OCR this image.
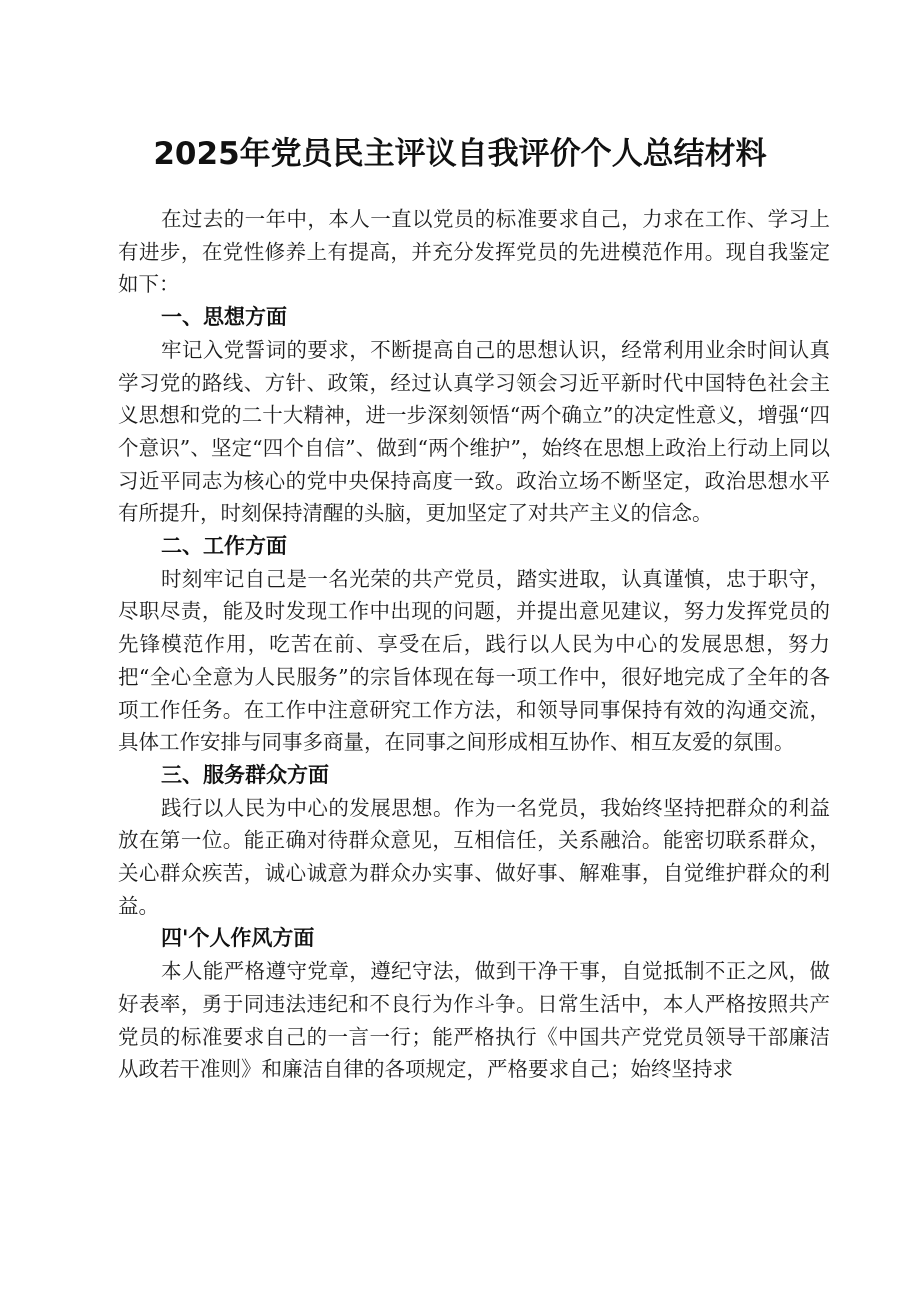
2025年党员民主评议自我评价个人总结材料

在过去的一年中，本人一直以党员的标准要求自己，力求在工作、学习上有进步，在党性修养上有提高，并充分发挥党员的先进模范作用。现自我鉴定如下：

一、思想方面

牢记入党誓词的要求，不断提高自己的思想认识，经常利用业余时间认真学习党的路线、方针、政策，经过认真学习领会习近平新时代中国特色社会主义思想和党的二十大精神，进一步深刻领悟“两个确立”的决定性意义，增强“四个意识”、坚定“四个自信”、做到“两个维护”，始终在思想上政治上行动上同以习近平同志为核心的党中央保持高度一致。政治立场不断坚定，政治思想水平有所提升，时刻保持清醒的头脑，更加坚定了对共产主义的信念。

二、工作方面

时刻牢记自己是一名光荣的共产党员，踏实进取，认真谨慎，忠于职守，尽职尽责，能及时发现工作中出现的问题，并提出意见建议，努力发挥党员的先锋模范作用，吃苦在前、享受在后，践行以人民为中心的发展思想，努力把“全心全意为人民服务”的宗旨体现在每一项工作中，很好地完成了全年的各项工作任务。在工作中注意研究工作方法，和领导同事保持有效的沟通交流，具体工作安排与同事多商量，在同事之间形成相互协作、相互友爱的氛围。

三、服务群众方面

践行以人民为中心的发展思想。作为一名党员，我始终坚持把群众的利益放在第一位。能正确对待群众意见，互相信任，关系融洽。能密切联系群众，关心群众疾苦，诚心诚意为群众办实事、做好事、解难事，自觉维护群众的利益。

四'个人作风方面

本人能严格遵守党章，遵纪守法，做到干净干事，自觉抵制不正之风，做好表率，勇于同违法违纪和不良行为作斗争。日常生活中，本人严格按照共产党员的标准要求自己的一言一行；能严格执行《中国共产党党员领导干部廉洁从政若干准则》和廉洁自律的各项规定，严格要求自己；始终坚持求
